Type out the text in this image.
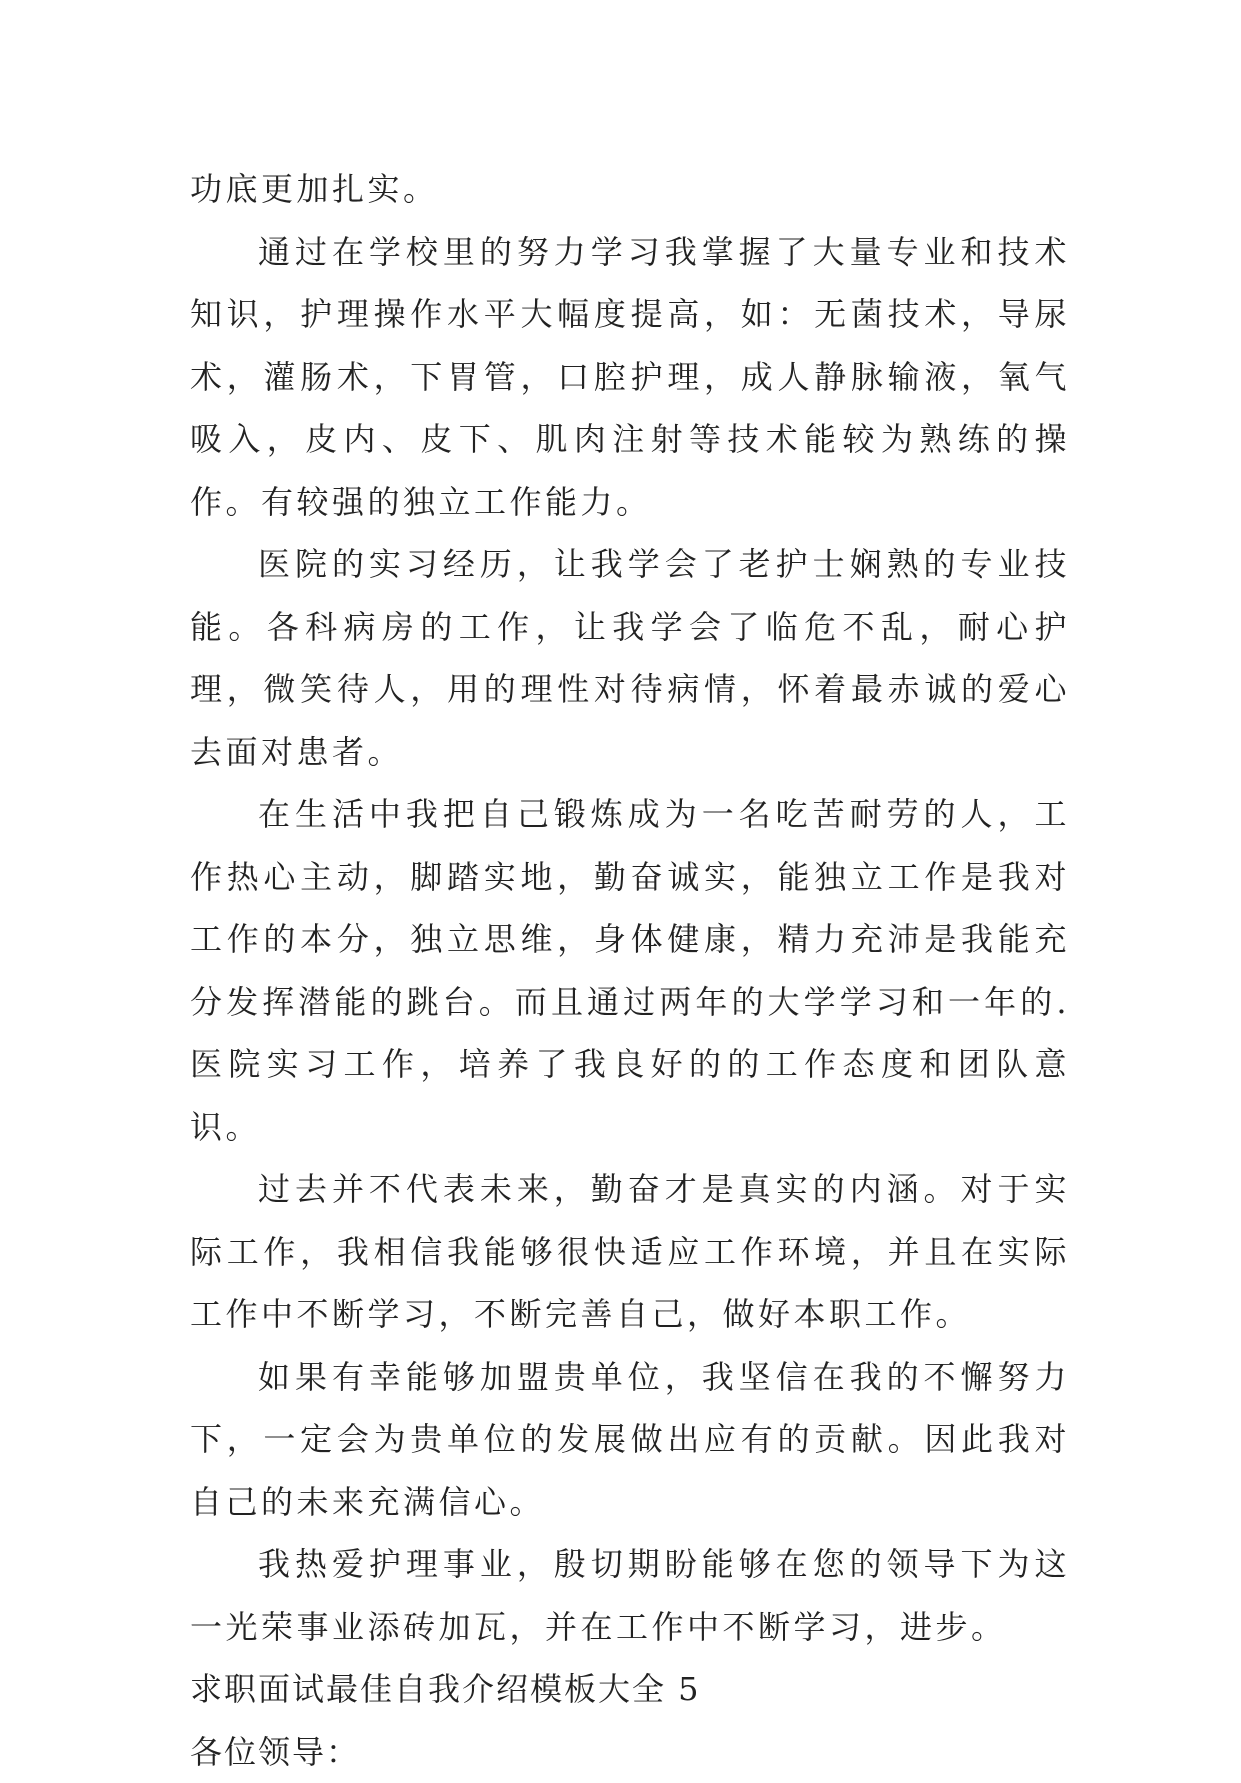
功底更加扎实。

通过在学校里的努力学习我掌握了大量专业和技术知识，护理操作水平大幅度提高，如：无菌技术，导尿术，灌肠术，下胃管，口腔护理，成人静脉输液，氧气吸入，皮内、皮下、肌肉注射等技术能较为熟练的操作。有较强的独立工作能力。

医院的实习经历，让我学会了老护士娴熟的专业技能。各科病房的工作，让我学会了临危不乱，耐心护理，微笑待人，用的理性对待病情，怀着最赤诚的爱心去面对患者。

在生活中我把自己锻炼成为一名吃苦耐劳的人，工作热心主动，脚踏实地，勤奋诚实，能独立工作是我对工作的本分，独立思维，身体健康，精力充沛是我能充分发挥潜能的跳台。而且通过两年的大学学习和一年的.医院实习工作，培养了我良好的的工作态度和团队意识。

过去并不代表未来，勤奋才是真实的内涵。对于实际工作，我相信我能够很快适应工作环境，并且在实际工作中不断学习，不断完善自己，做好本职工作。

如果有幸能够加盟贵单位，我坚信在我的不懈努力下，一定会为贵单位的发展做出应有的贡献。因此我对自己的未来充满信心。

我热爱护理事业，殷切期盼能够在您的领导下为这一光荣事业添砖加瓦，并在工作中不断学习，进步。

求职面试最佳自我介绍模板大全 5

各位领导：
